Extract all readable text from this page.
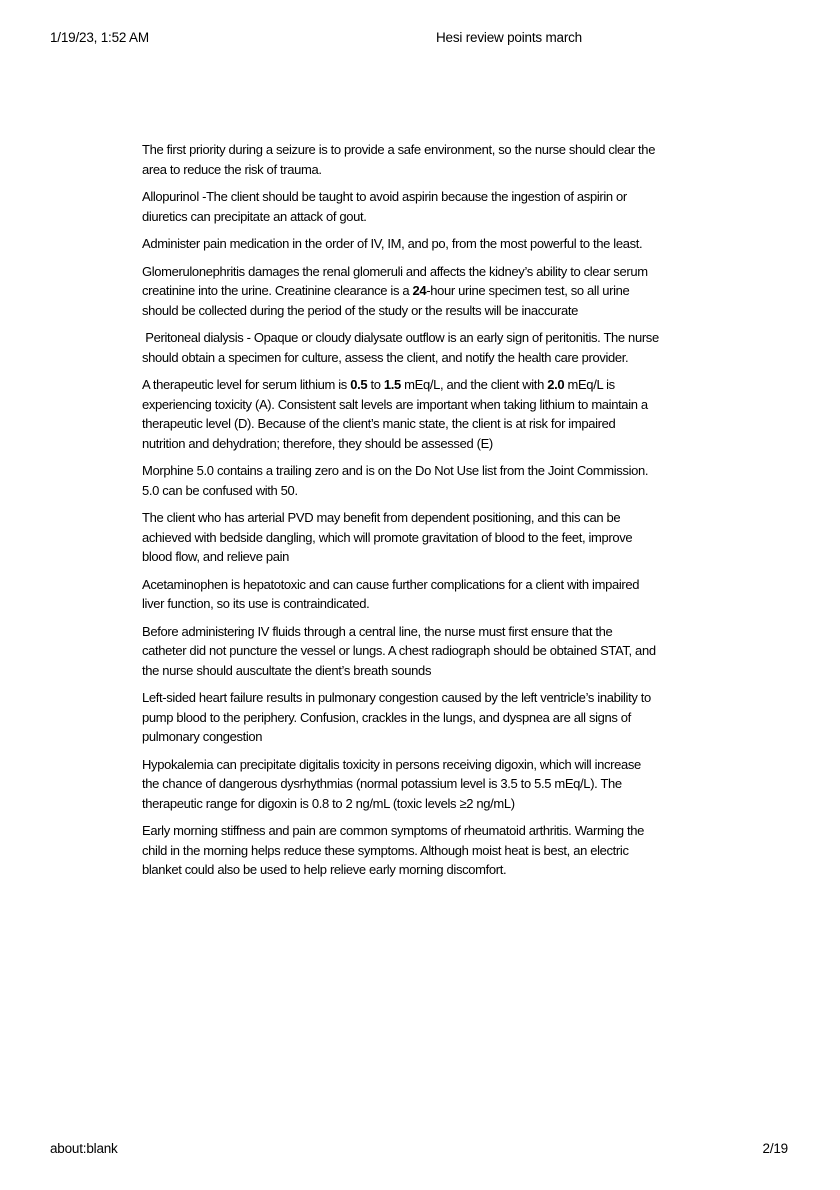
1/19/23, 1:52 AM	Hesi review points march

The first priority during a seizure is to provide a safe environment, so the nurse should clear the
area to reduce the risk of trauma.

Allopurinol -The client should be taught to avoid aspirin because the ingestion of aspirin or
diuretics can precipitate an attack of gout.

Administer pain medication in the order of IV, IM, and po, from the most powerful to the least.

Glomerulonephritis damages the renal glomeruli and affects the kidney’s ability to clear serum
creatinine into the urine. Creatinine clearance is a 24-hour urine specimen test, so all urine
should be collected during the period of the study or the results will be inaccurate

Peritoneal dialysis - Opaque or cloudy dialysate outflow is an early sign of peritonitis. The nurse
should obtain a specimen for culture, assess the client, and notify the health care provider.

A therapeutic level for serum lithium is 0.5 to 1.5 mEq/L, and the client with 2.0 mEq/L is
experiencing toxicity (A). Consistent salt levels are important when taking lithium to maintain a
therapeutic level (D). Because of the client’s manic state, the client is at risk for impaired
nutrition and dehydration; therefore, they should be assessed (E)

Morphine 5.0 contains a trailing zero and is on the Do Not Use list from the Joint Commission.
5.0 can be confused with 50.

The client who has arterial PVD may benefit from dependent positioning, and this can be
achieved with bedside dangling, which will promote gravitation of blood to the feet, improve
blood flow, and relieve pain

Acetaminophen is hepatotoxic and can cause further complications for a client with impaired
liver function, so its use is contraindicated.

Before administering IV fluids through a central line, the nurse must first ensure that the
catheter did not puncture the vessel or lungs. A chest radiograph should be obtained STAT, and
the nurse should auscultate the dient’s breath sounds

Left-sided heart failure results in pulmonary congestion caused by the left ventricle’s inability to
pump blood to the periphery. Confusion, crackles in the lungs, and dyspnea are all signs of
pulmonary congestion

Hypokalemia can precipitate digitalis toxicity in persons receiving digoxin, which will increase
the chance of dangerous dysrhythmias (normal potassium level is 3.5 to 5.5 mEq/L). The
therapeutic range for digoxin is 0.8 to 2 ng/mL (toxic levels ≥2 ng/mL)

Early morning stiffness and pain are common symptoms of rheumatoid arthritis. Warming the
child in the morning helps reduce these symptoms. Although moist heat is best, an electric
blanket could also be used to help relieve early morning discomfort.

about:blank	2/19
